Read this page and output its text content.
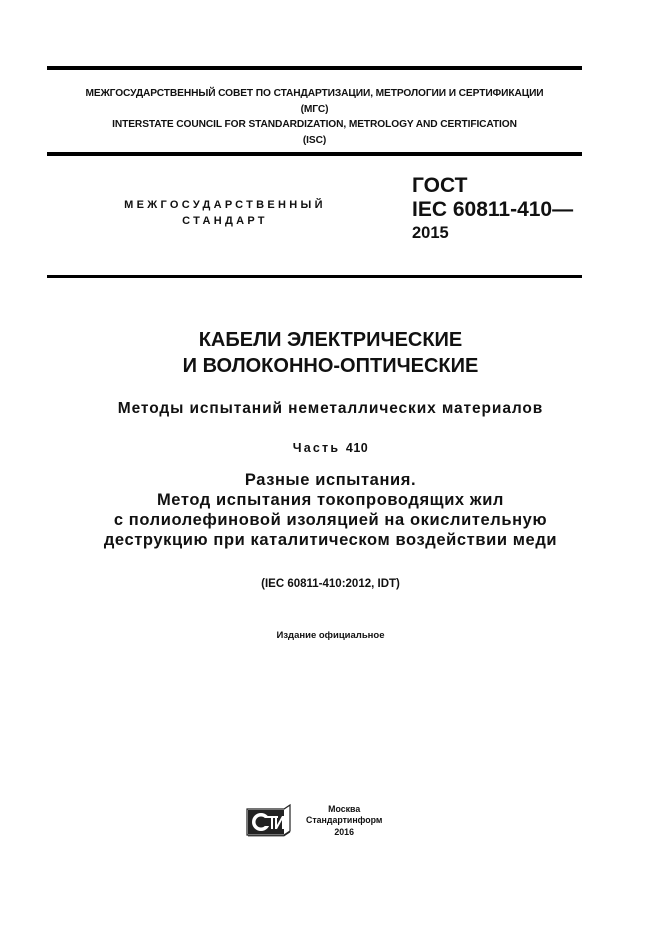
МЕЖГОСУДАРСТВЕННЫЙ СОВЕТ ПО СТАНДАРТИЗАЦИИ, МЕТРОЛОГИИ И СЕРТИФИКАЦИИ
(МГС)
INTERSTATE COUNCIL FOR STANDARDIZATION, METROLOGY AND CERTIFICATION
(ISC)
МЕЖГОСУДАРСТВЕННЫЙ
СТАНДАРТ
ГОСТ
IEC 60811-410—
2015
КАБЕЛИ ЭЛЕКТРИЧЕСКИЕ
И ВОЛОКОННО-ОПТИЧЕСКИЕ
Методы испытаний неметаллических материалов
Часть 410
Разные испытания.
Метод испытания токопроводящих жил
с полиолефиновой изоляцией на окислительную
деструкцию при каталитическом воздействии меди
(IEC 60811-410:2012, IDT)
Издание официальное
Москва
Стандартинформ
2016
